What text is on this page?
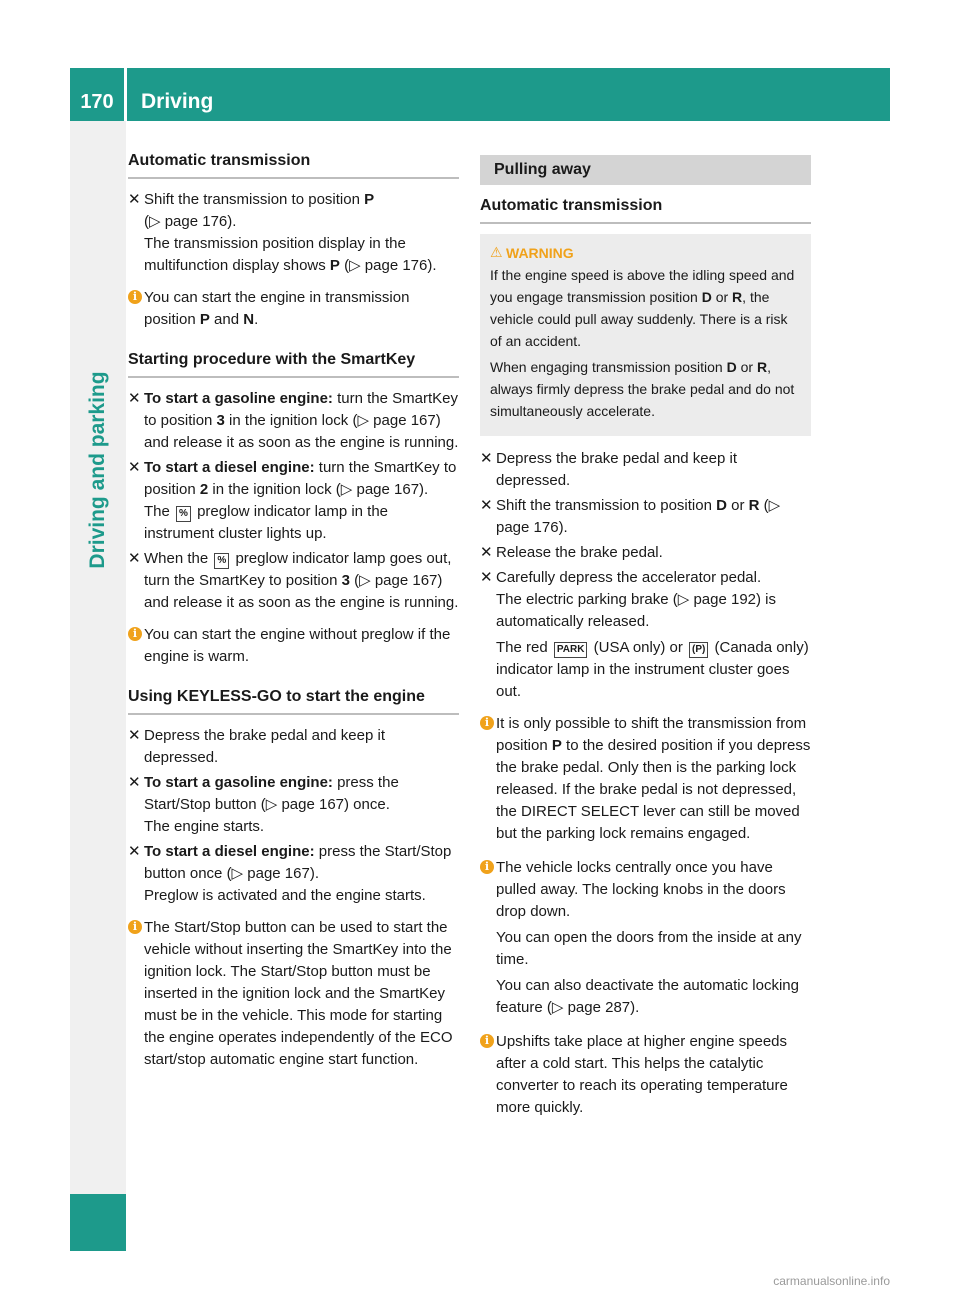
170	Driving
Driving and parking
Automatic transmission
✕ Shift the transmission to position P
(▷ page 176).
The transmission position display in the multifunction display shows P (▷ page 176).
i You can start the engine in transmission position P and N.
Starting procedure with the SmartKey
✕ To start a gasoline engine: turn the SmartKey to position 3 in the ignition lock (▷ page 167) and release it as soon as the engine is running.
✕ To start a diesel engine: turn the SmartKey to position 2 in the ignition lock (▷ page 167).
The % preglow indicator lamp in the instrument cluster lights up.
✕ When the % preglow indicator lamp goes out, turn the SmartKey to position 3 (▷ page 167) and release it as soon as the engine is running.
i You can start the engine without preglow if the engine is warm.
Using KEYLESS-GO to start the engine
✕ Depress the brake pedal and keep it depressed.
✕ To start a gasoline engine: press the Start/Stop button (▷ page 167) once.
The engine starts.
✕ To start a diesel engine: press the Start/Stop button once (▷ page 167).
Preglow is activated and the engine starts.
i The Start/Stop button can be used to start the vehicle without inserting the SmartKey into the ignition lock. The Start/Stop button must be inserted in the ignition lock and the SmartKey must be in the vehicle. This mode for starting the engine operates independently of the ECO start/stop automatic engine start function.
Pulling away
Automatic transmission
⚠ WARNING

If the engine speed is above the idling speed and you engage transmission position D or R, the vehicle could pull away suddenly. There is a risk of an accident.

When engaging transmission position D or R, always firmly depress the brake pedal and do not simultaneously accelerate.

✕ Depress the brake pedal and keep it depressed.
✕ Shift the transmission to position D or R (▷ page 176).
✕ Release the brake pedal.
✕ Carefully depress the accelerator pedal.
The electric parking brake (▷ page 192) is automatically released.
The red PARK (USA only) or (P) (Canada only) indicator lamp in the instrument cluster goes out.
i It is only possible to shift the transmission from position P to the desired position if you depress the brake pedal. Only then is the parking lock released. If the brake pedal is not depressed, the DIRECT SELECT lever can still be moved but the parking lock remains engaged.
i The vehicle locks centrally once you have pulled away. The locking knobs in the doors drop down.
You can open the doors from the inside at any time.
You can also deactivate the automatic locking feature (▷ page 287).
i Upshifts take place at higher engine speeds after a cold start. This helps the catalytic converter to reach its operating temperature more quickly.
carmanualsonline.info
